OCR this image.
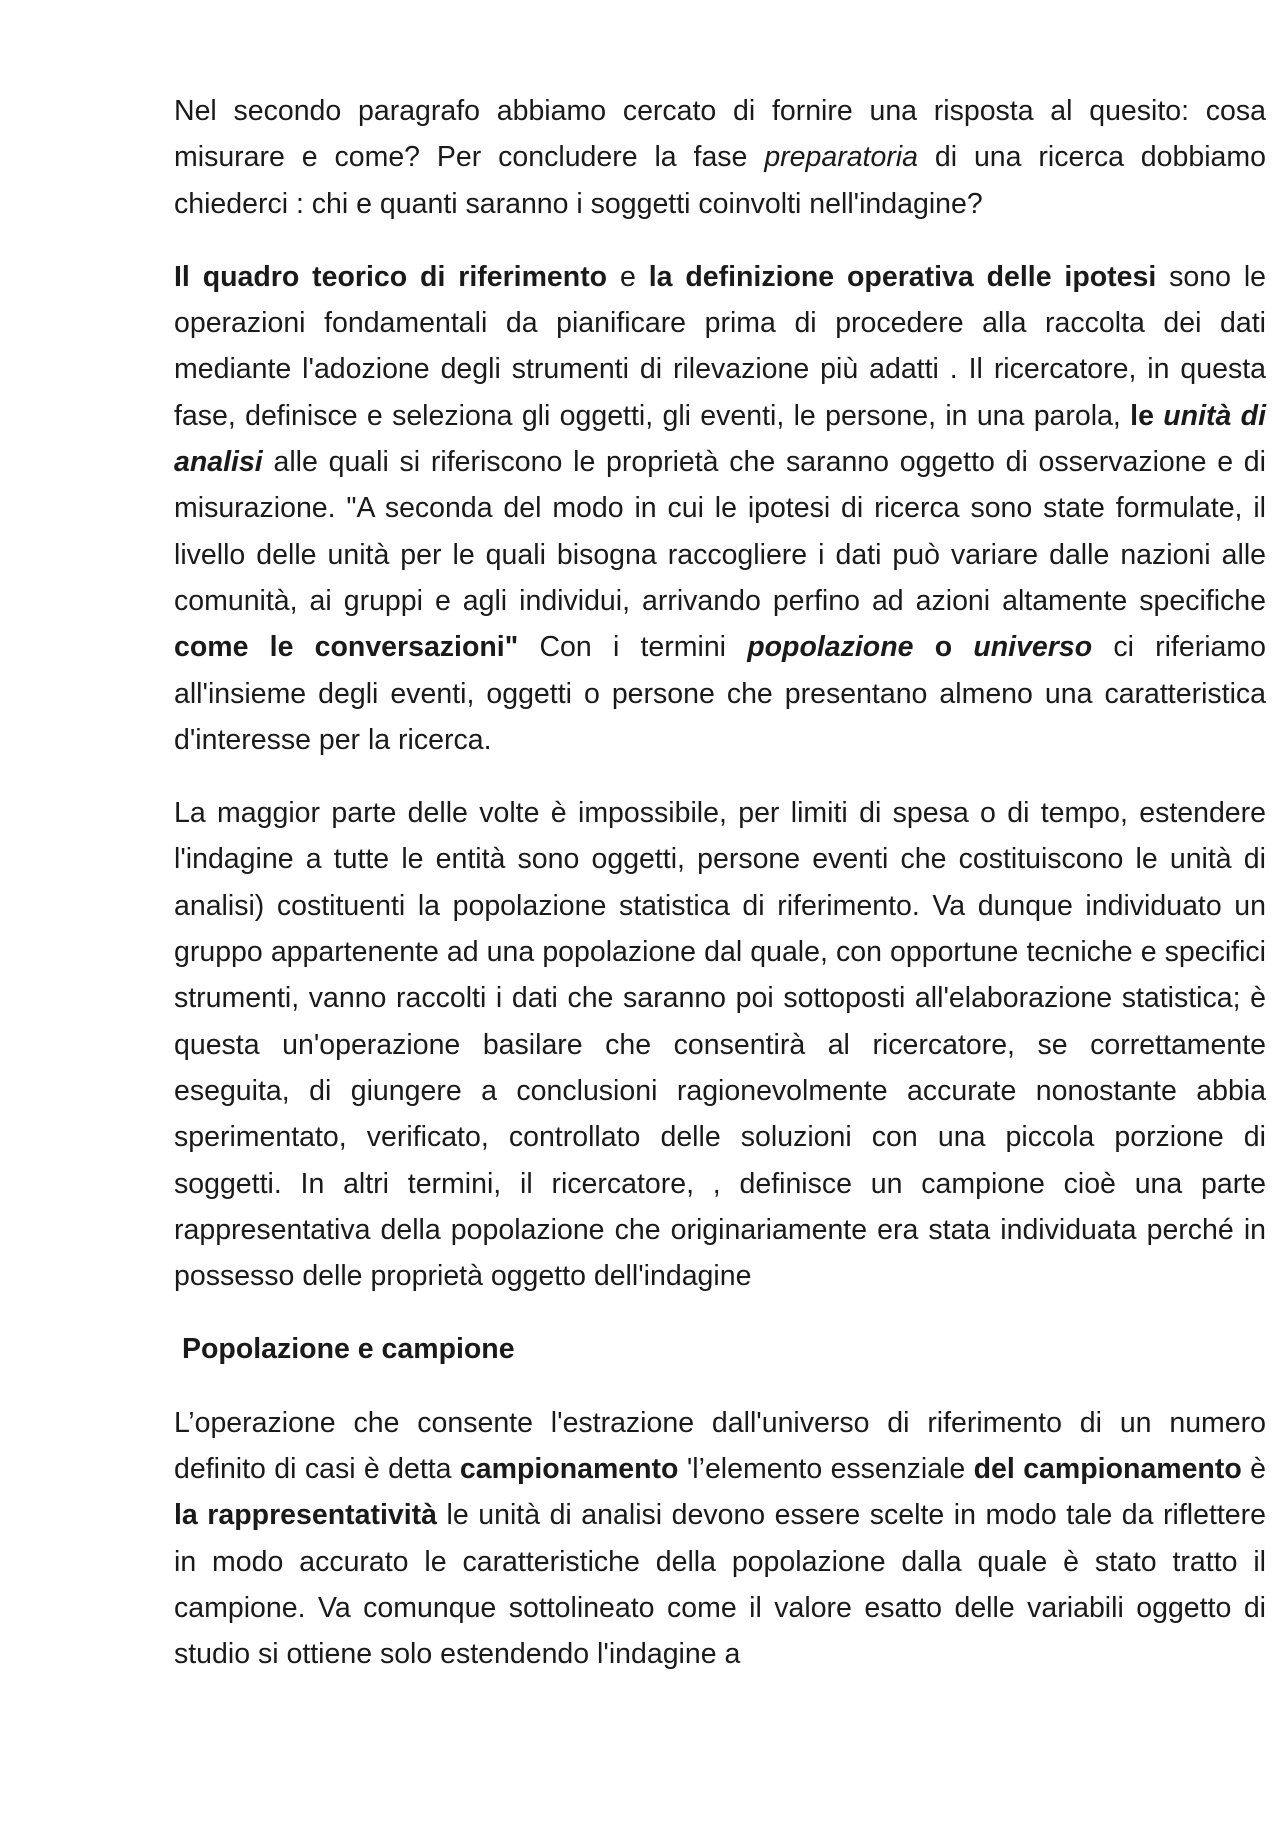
Nel secondo paragrafo abbiamo cercato di fornire una risposta al quesito: cosa misurare e come? Per concludere la fase preparatoria di una ricerca dobbiamo chiederci : chi e quanti saranno i soggetti coinvolti nell'indagine?

Il quadro teorico di riferimento e la definizione operativa delle ipotesi sono le operazioni fondamentali da pianificare prima di procedere alla raccolta dei dati mediante l'adozione degli strumenti di rilevazione più adatti . Il ricercatore, in questa fase, definisce e seleziona gli oggetti, gli eventi, le persone, in una parola, le unità di analisi alle quali si riferiscono le proprietà che saranno oggetto di osservazione e di misurazione. "A seconda del modo in cui le ipotesi di ricerca sono state formulate, il livello delle unità per le quali bisogna raccogliere i dati può variare dalle nazioni alle comunità, ai gruppi e agli individui, arrivando perfino ad azioni altamente specifiche come le conversazioni" Con i termini popolazione o universo ci riferiamo all'insieme degli eventi, oggetti o persone che presentano almeno una caratteristica d'interesse per la ricerca.

La maggior parte delle volte è impossibile, per limiti di spesa o di tempo, estendere l'indagine a tutte le entità sono oggetti, persone eventi che costituiscono le unità di analisi) costituenti la popolazione statistica di riferimento. Va dunque individuato un gruppo appartenente ad una popolazione dal quale, con opportune tecniche e specifici strumenti, vanno raccolti i dati che saranno poi sottoposti all'elaborazione statistica; è questa un'operazione basilare che consentirà al ricercatore, se correttamente eseguita, di giungere a conclusioni ragionevolmente accurate nonostante abbia sperimentato, verificato, controllato delle soluzioni con una piccola porzione di soggetti. In altri termini, il ricercatore, , definisce un campione cioè una parte rappresentativa della popolazione che originariamente era stata individuata perché in possesso delle proprietà oggetto dell'indagine

Popolazione e campione

L’operazione che consente l'estrazione dall'universo di riferimento di un numero definito di casi è detta campionamento 'l’elemento essenziale del campionamento è la rappresentatività le unità di analisi devono essere scelte in modo tale da riflettere in modo accurato le caratteristiche della popolazione dalla quale è stato tratto il campione. Va comunque sottolineato come il valore esatto delle variabili oggetto di studio si ottiene solo estendendo l'indagine a
